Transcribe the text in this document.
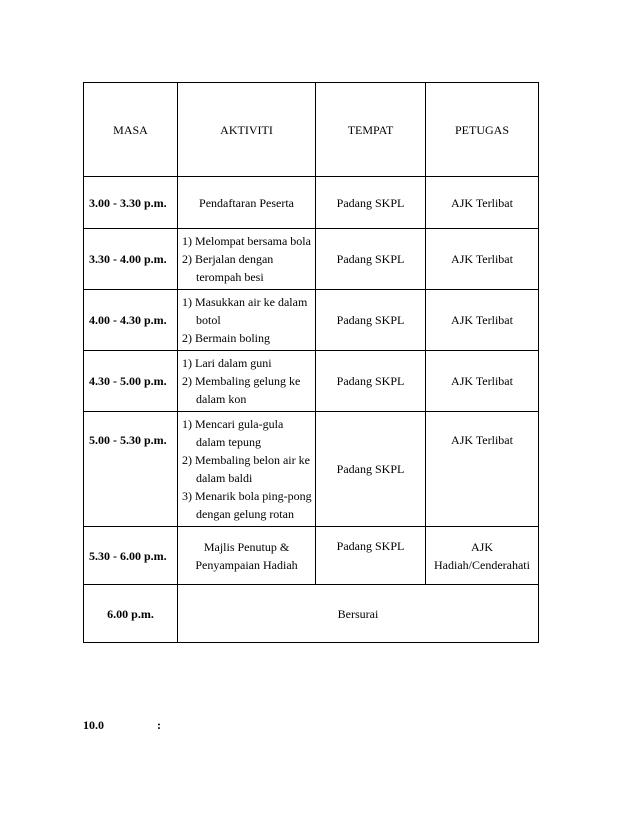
MASA	AKTIVITI	TEMPAT	PETUGAS
3.00 - 3.30 p.m.	Pendaftaran Peserta	Padang SKPL	AJK Terlibat
3.30 - 4.00 p.m.	1) Melompat bersama bola
2) Berjalan dengan terompah besi	Padang SKPL	AJK Terlibat
4.00 - 4.30 p.m.	1) Masukkan air ke dalam botol
2) Bermain boling	Padang SKPL	AJK Terlibat
4.30 - 5.00 p.m.	1) Lari dalam guni
2) Membaling gelung ke dalam kon	Padang SKPL	AJK Terlibat

5.00 - 5.30 p.m.	1) Mencari gula-gula dalam tepung
2) Membaling belon air ke dalam baldi
3) Menarik bola ping-pong dengan gelung rotan	Padang SKPL	AJK Terlibat

5.30 - 6.00 p.m.	Majlis Penutup & Penyampaian Hadiah	Padang SKPL	AJK
Hadiah/Cenderahati

6.00 p.m.	Bersurai		
10.0	:
